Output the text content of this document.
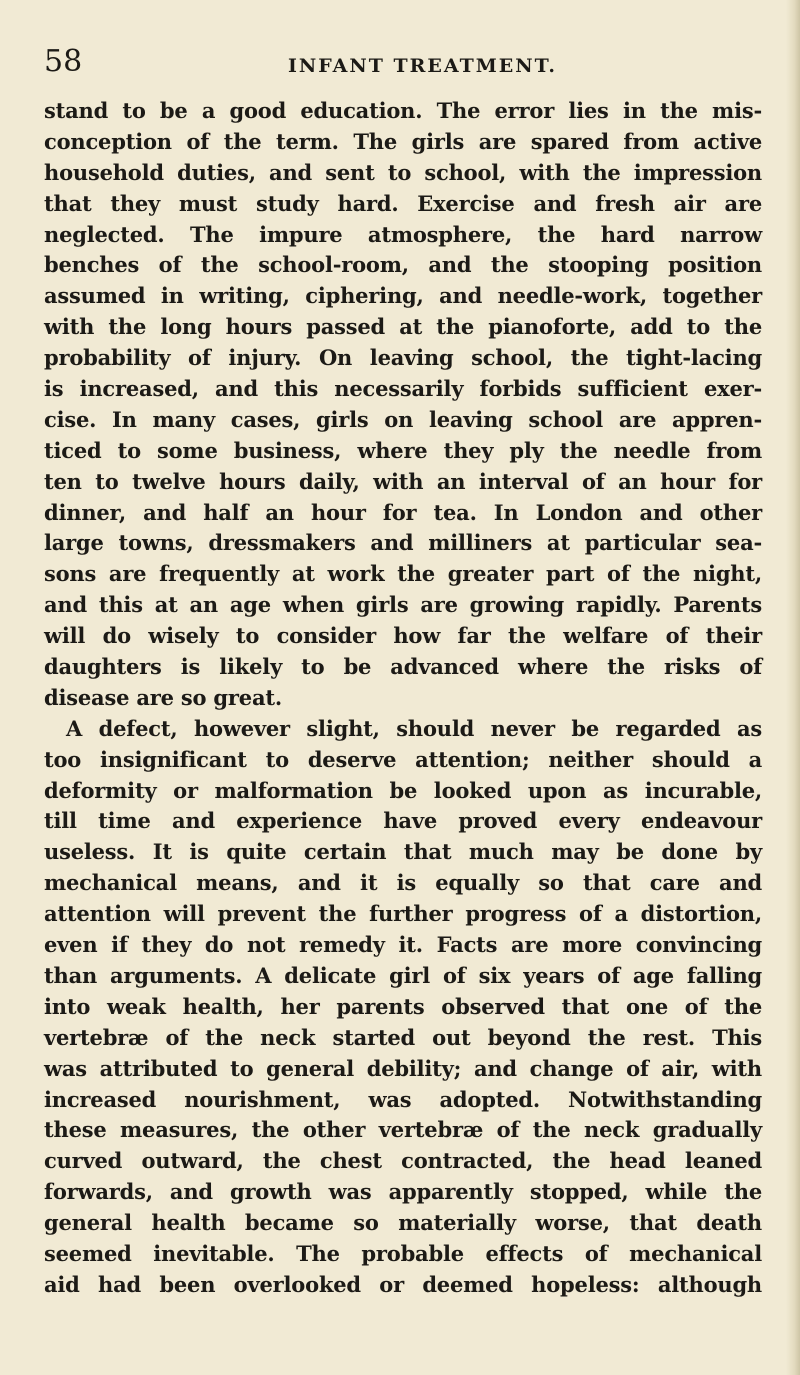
58	INFANT TREATMENT.
stand to be a good education. The error lies in the mis-
conception of the term. The girls are spared from active
household duties, and sent to school, with the impression
that they must study hard. Exercise and fresh air are
neglected. The impure atmosphere, the hard narrow
benches of the school-room, and the stooping position
assumed in writing, ciphering, and needle-work, together
with the long hours passed at the pianoforte, add to the
probability of injury. On leaving school, the tight-lacing
is increased, and this necessarily forbids sufficient exer-
cise. In many cases, girls on leaving school are appren-
ticed to some business, where they ply the needle from
ten to twelve hours daily, with an interval of an hour for
dinner, and half an hour for tea. In London and other
large towns, dressmakers and milliners at particular sea-
sons are frequently at work the greater part of the night,
and this at an age when girls are growing rapidly. Parents
will do wisely to consider how far the welfare of their
daughters is likely to be advanced where the risks of
disease are so great.
A defect, however slight, should never be regarded as
too insignificant to deserve attention; neither should a
deformity or malformation be looked upon as incurable,
till time and experience have proved every endeavour
useless. It is quite certain that much may be done by
mechanical means, and it is equally so that care and
attention will prevent the further progress of a distortion,
even if they do not remedy it. Facts are more convincing
than arguments. A delicate girl of six years of age falling
into weak health, her parents observed that one of the
vertebræ of the neck started out beyond the rest. This
was attributed to general debility; and change of air, with
increased nourishment, was adopted. Notwithstanding
these measures, the other vertebræ of the neck gradually
curved outward, the chest contracted, the head leaned
forwards, and growth was apparently stopped, while the
general health became so materially worse, that death
seemed inevitable. The probable effects of mechanical
aid had been overlooked or deemed hopeless: although
